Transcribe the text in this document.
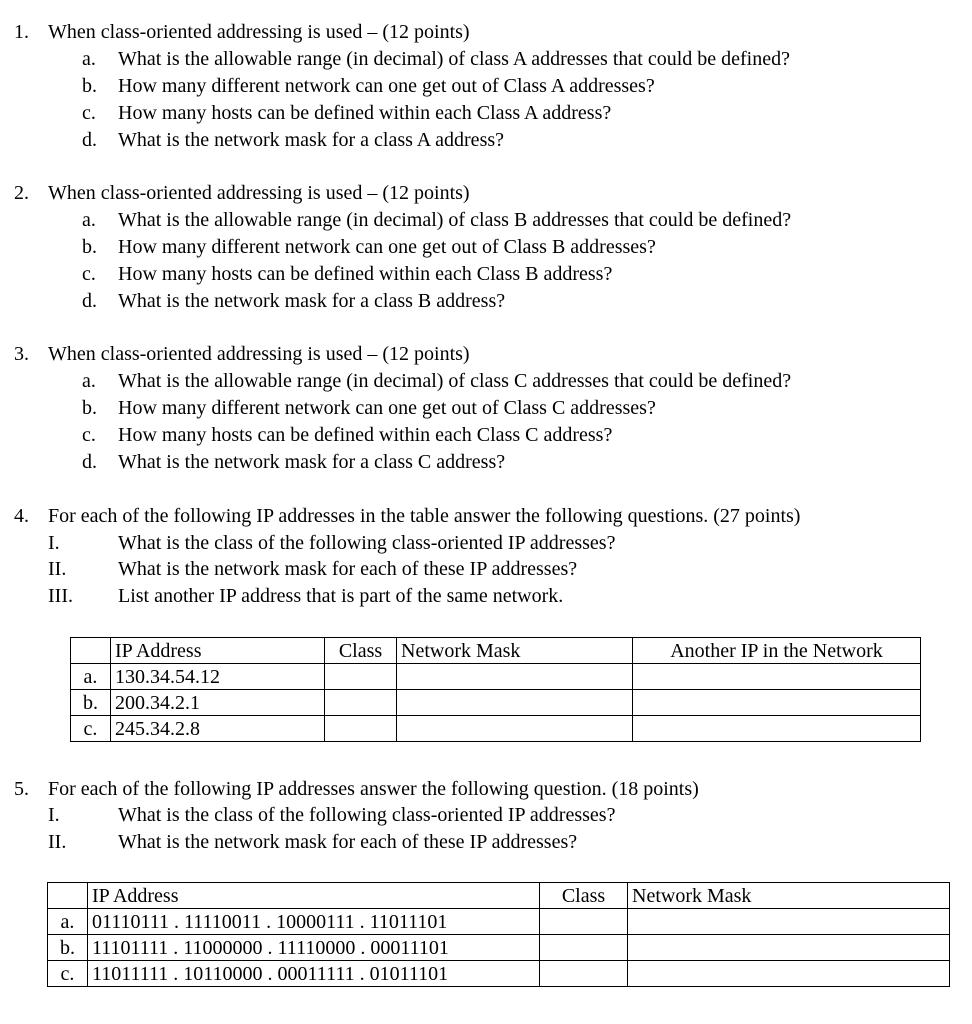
1. When class-oriented addressing is used – (12 points)
a. What is the allowable range (in decimal) of class A addresses that could be defined?
b. How many different network can one get out of Class A addresses?
c. How many hosts can be defined within each Class A address?
d. What is the network mask for a class A address?
2. When class-oriented addressing is used – (12 points)
a. What is the allowable range (in decimal) of class B addresses that could be defined?
b. How many different network can one get out of Class B addresses?
c. How many hosts can be defined within each Class B address?
d. What is the network mask for a class B address?
3. When class-oriented addressing is used – (12 points)
a. What is the allowable range (in decimal) of class C addresses that could be defined?
b. How many different network can one get out of Class C addresses?
c. How many hosts can be defined within each Class C address?
d. What is the network mask for a class C address?
4. For each of the following IP addresses in the table answer the following questions. (27 points)
I.	What is the class of the following class-oriented IP addresses?
II.	What is the network mask for each of these IP addresses?
III. List another IP address that is part of the same network.
	IP Address	Class	Network Mask	Another IP in the Network
a.	130.34.54.12			
b.	200.34.2.1			
c.	245.34.2.8			
5. For each of the following IP addresses answer the following question. (18 points)
I.	What is the class of the following class-oriented IP addresses?
II.	What is the network mask for each of these IP addresses?
	IP Address	Class	Network Mask
a.	01110111 . 11110011 . 10000111 . 11011101		
b.	11101111 . 11000000 . 11110000 . 00011101		
c.	11011111 . 10110000 . 00011111 . 01011101		
